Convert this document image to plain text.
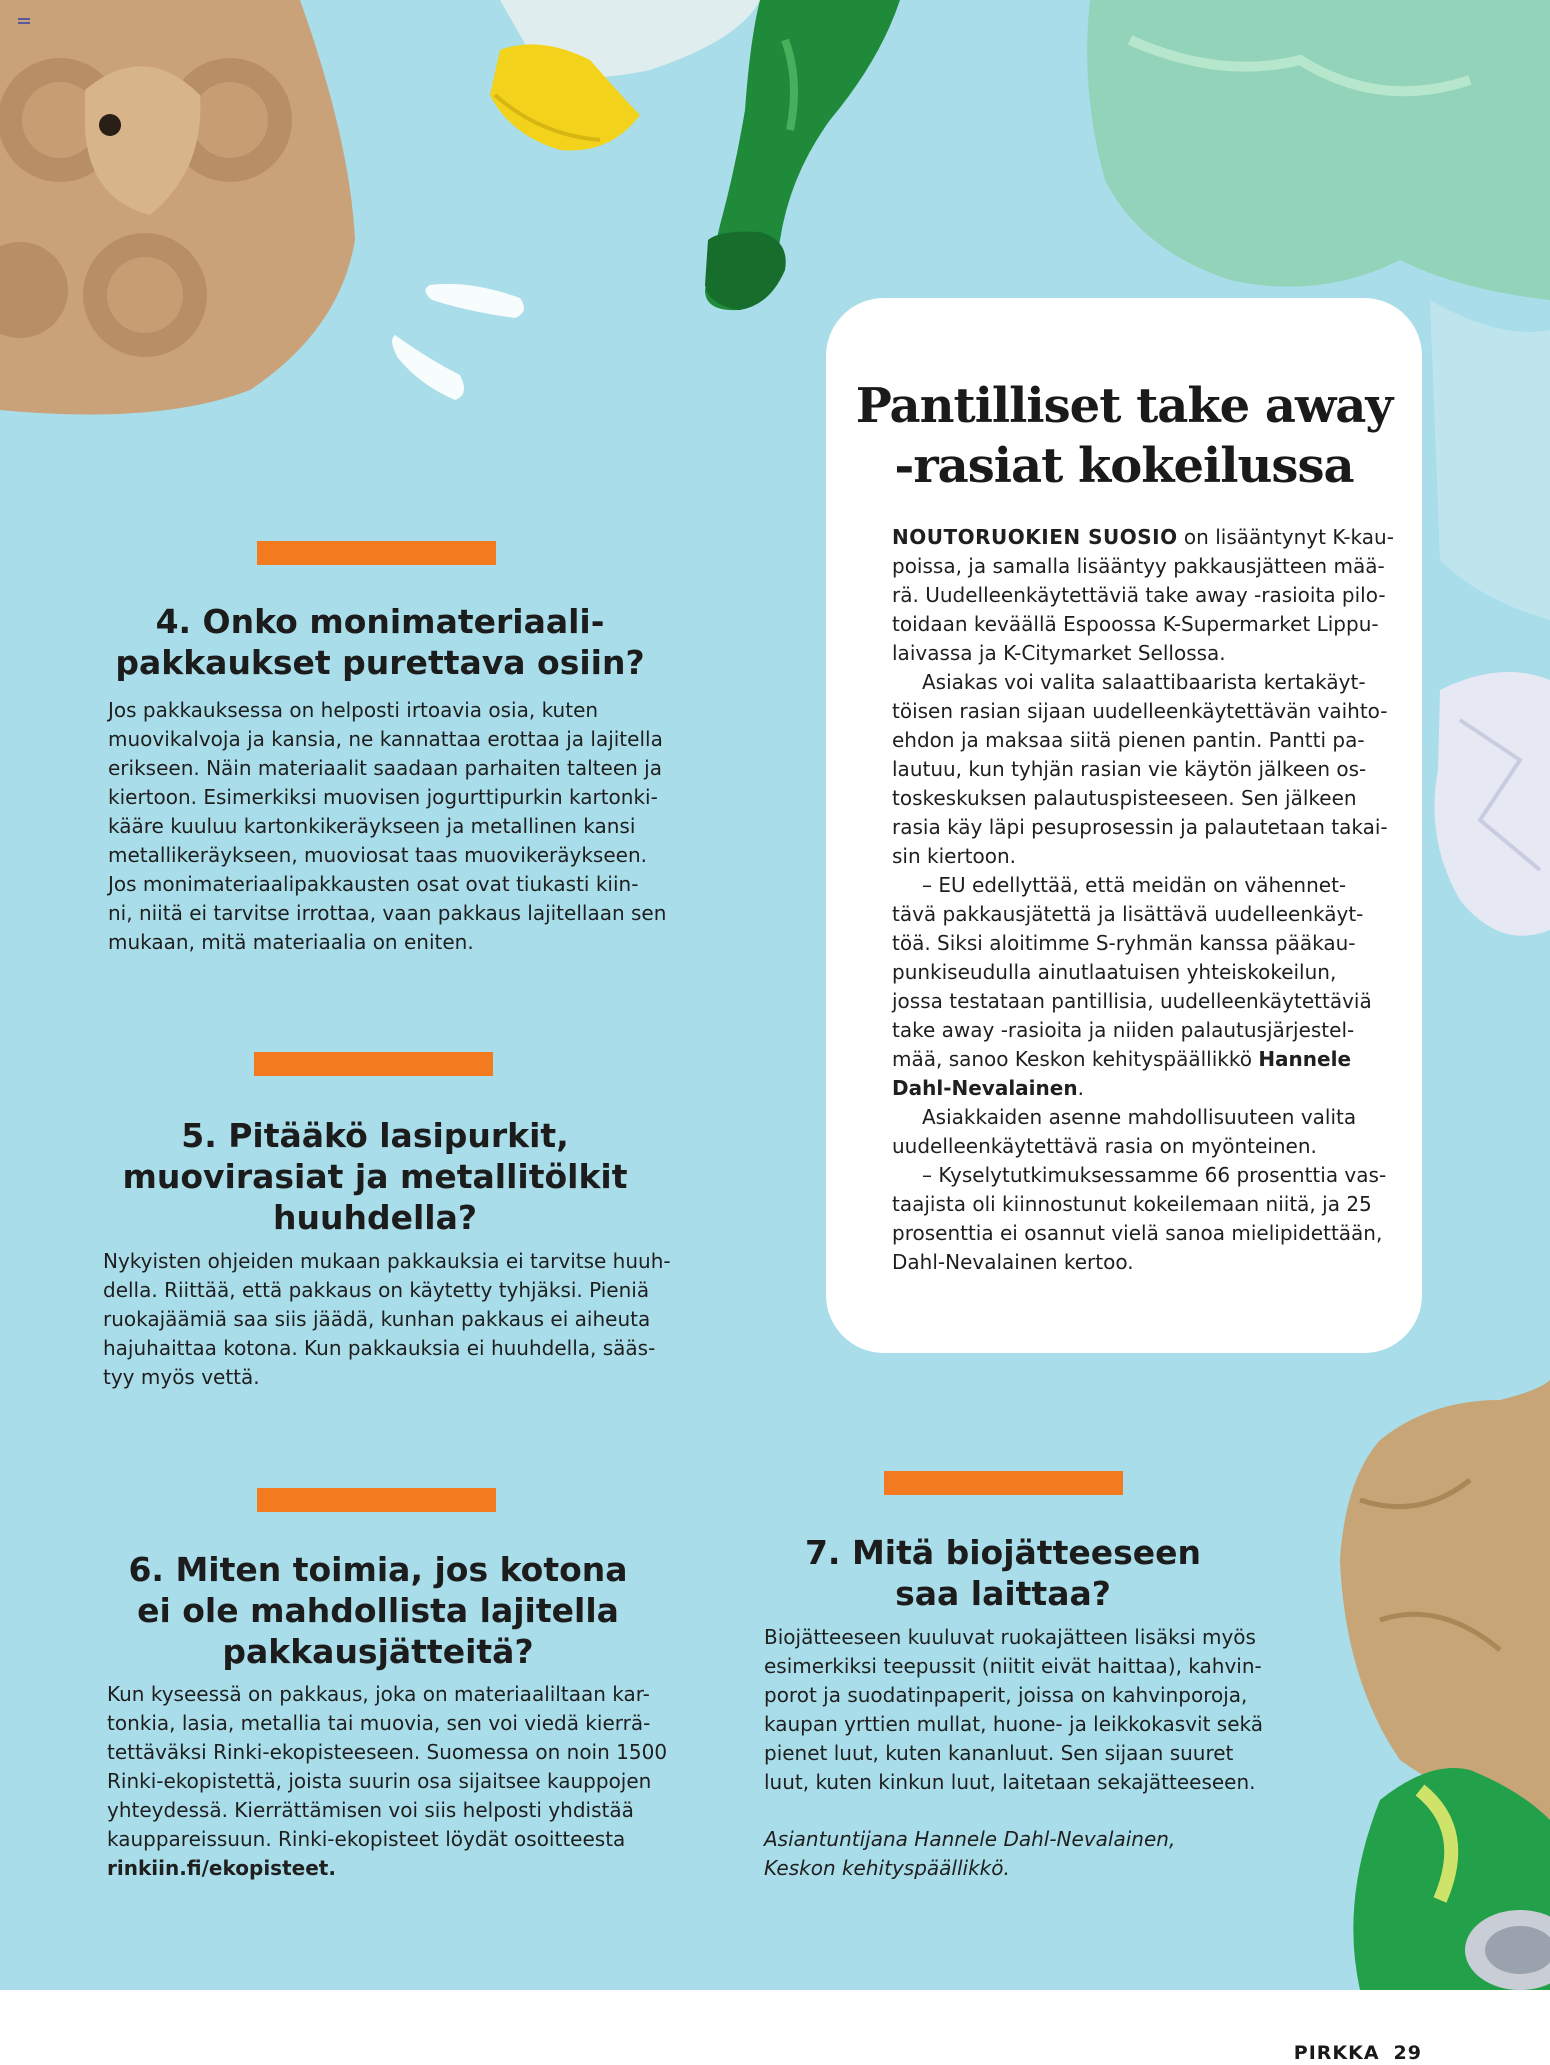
4. Onko monimateriaali-
pakkaukset purettava osiin?
Jos pakkauksessa on helposti irtoavia osia, kuten
muovikalvoja ja kansia, ne kannattaa erottaa ja lajitella
erikseen. Näin materiaalit saadaan parhaiten talteen ja
kiertoon. Esimerkiksi muovisen jogurttipurkin kartonki-
kääre kuuluu kartonkikeräykseen ja metallinen kansi
metallikeräykseen, muoviosat taas muovikeräykseen.
Jos monimateriaalipakkausten osat ovat tiukasti kiin-
ni, niitä ei tarvitse irrottaa, vaan pakkaus lajitellaan sen
mukaan, mitä materiaalia on eniten.
5. Pitääkö lasipurkit,
muovirasiat ja metallitölkit
huuhdella?
Nykyisten ohjeiden mukaan pakkauksia ei tarvitse huuh-
della. Riittää, että pakkaus on käytetty tyhjäksi. Pieniä
ruokajäämiä saa siis jäädä, kunhan pakkaus ei aiheuta
hajuhaittaa kotona. Kun pakkauksia ei huuhdella, sääs-
tyy myös vettä.
6. Miten toimia, jos kotona
ei ole mahdollista lajitella
pakkausjätteitä?
Kun kyseessä on pakkaus, joka on materiaaliltaan kar-
tonkia, lasia, metallia tai muovia, sen voi viedä kierrä-
tettäväksi Rinki-ekopisteeseen. Suomessa on noin 1500
Rinki-ekopistettä, joista suurin osa sijaitsee kauppojen
yhteydessä. Kierrättämisen voi siis helposti yhdistää
kauppareissuun. Rinki-ekopisteet löydät osoitteesta
rinkiin.fi/ekopisteet.
7. Mitä biojätteeseen
saa laittaa?
Biojätteeseen kuuluvat ruokajätteen lisäksi myös
esimerkiksi teepussit (niitit eivät haittaa), kahvin-
porot ja suodatinpaperit, joissa on kahvinporoja,
kaupan yrttien mullat, huone- ja leikkokasvit sekä
pienet luut, kuten kananluut. Sen sijaan suuret
luut, kuten kinkun luut, laitetaan sekajätteeseen.
Asiantuntijana Hannele Dahl-Nevalainen,
Keskon kehityspäällikkö.
Pantilliset take away
-rasiat kokeilussa
NOUTORUOKIEN SUOSIO on lisääntynyt K-kau-
poissa, ja samalla lisääntyy pakkausjätteen mää-
rä. Uudelleenkäytettäviä take away -rasioita pilo-
toidaan keväällä Espoossa K-Supermarket Lippu-
laivassa ja K-Citymarket Sellossa.
Asiakas voi valita salaattibaarista kertakäyt-
töisen rasian sijaan uudelleenkäytettävän vaihto-
ehdon ja maksaa siitä pienen pantin. Pantti pa-
lautuu, kun tyhjän rasian vie käytön jälkeen os-
toskeskuksen palautuspisteeseen. Sen jälkeen
rasia käy läpi pesuprosessin ja palautetaan takai-
sin kiertoon.
– EU edellyttää, että meidän on vähennet-
tävä pakkausjätettä ja lisättävä uudelleenkäyt-
töä. Siksi aloitimme S-ryhmän kanssa pääkau-
punkiseudulla ainutlaatuisen yhteiskokeilun,
jossa testataan pantillisia, uudelleenkäytettäviä
take away -rasioita ja niiden palautusjärjestel-
mää, sanoo Keskon kehityspäällikkö Hannele
Dahl-Nevalainen.
Asiakkaiden asenne mahdollisuuteen valita
uudelleenkäytettävä rasia on myönteinen.
– Kyselytutkimuksessamme 66 prosenttia vas-
taajista oli kiinnostunut kokeilemaan niitä, ja 25
prosenttia ei osannut vielä sanoa mielipidettään,
Dahl-Nevalainen kertoo.
PIRKKA 29
